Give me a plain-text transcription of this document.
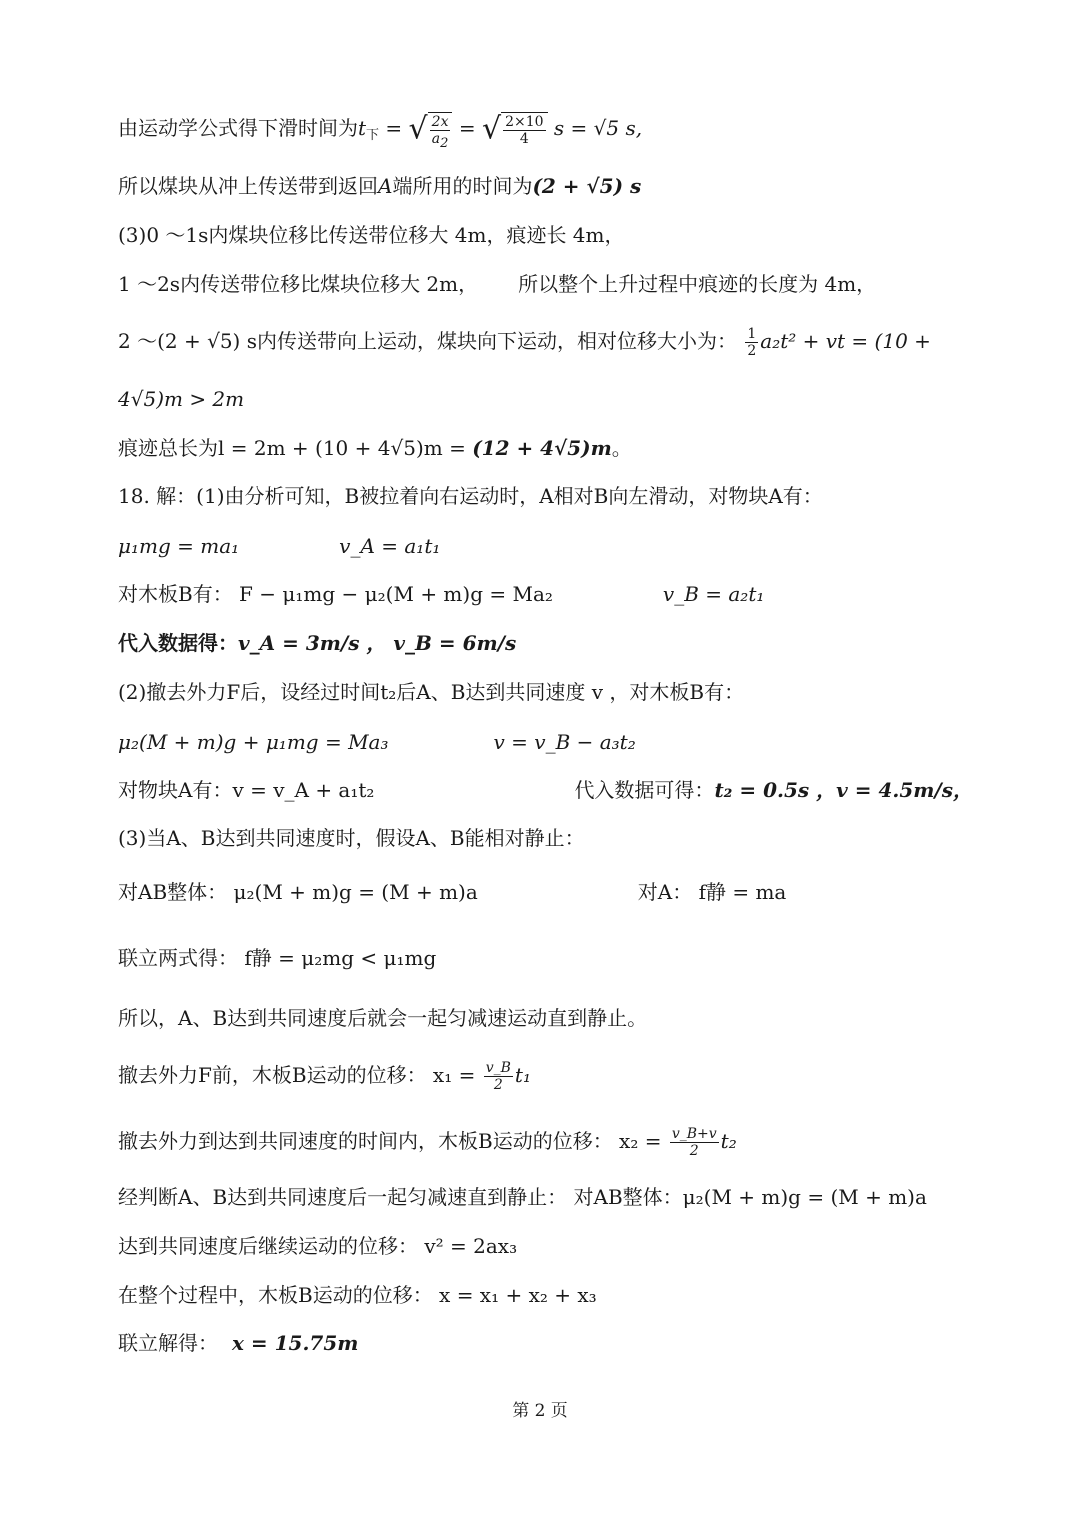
由运动学公式得下滑时间为$t_下$ = √ $\frac{2x}{a_2}$ = √ $\frac{2\times 10}{4}$ s = √5 s,
所以煤块从冲上传送带到返回A端所用的时间为(2 + √5) s
(3)0 ～1s内煤块位移比传送带位移大 4m，痕迹长 4m，
1 ～2s内传送带位移比煤块位移大 2m， 所以整个上升过程中痕迹的长度为 4m，
2 ～(2 + √5) s内传送带向上运动，煤块向下运动，相对位移大小为： $\frac{1}{2} a_2t^2$ + vt = (10 +
4√5)m > 2m
痕迹总长为l = 2m + (10 + 4√5)m = (12 + 4√5)m。
18. 解：(1)由分析可知，B被拉着向右运动时，A相对B向左滑动，对物块A有：
μ₁mg = ma₁	v_A = a₁t₁
对木板B有： F − μ₁mg − μ₂(M + m)g = Ma₂	v_B = a₂t₁
代入数据得：v_A = 3m/s ， v_B = 6m/s
(2)撤去外力F后，设经过时间t₂后A、B达到共同速度 v ，对木板B有：
μ₂(M + m)g + μ₁mg = Ma₃	v = v_B − a₃t₂
对物块A有：v = v_A + a₁t₂	代入数据可得：t₂ = 0.5s ，v = 4.5m/s，
(3)当A、B达到共同速度时，假设A、B能相对静止：
对AB整体： μ₂(M + m)g = (M + m)a	对A： f静 = ma
联立两式得： f静 = μ₂mg < μ₁mg
所以，A、B达到共同速度后就会一起匀减速运动直到静止。
撤去外力F前，木板B运动的位移： $x_1 = \frac{v\_B}{2} t_1$
撤去外力到达到共同速度的时间内，木板B运动的位移： $x_2 = \frac{v\_B+v}{2} t_2$
经判断A、B达到共同速度后一起匀减速直到静止： 对AB整体：μ₂(M + m)g = (M + m)a
达到共同速度后继续运动的位移： v² = 2ax₃
在整个过程中，木板B运动的位移： x = x₁ + x₂ + x₃
联立解得： x = 15.75m
第 2 页
